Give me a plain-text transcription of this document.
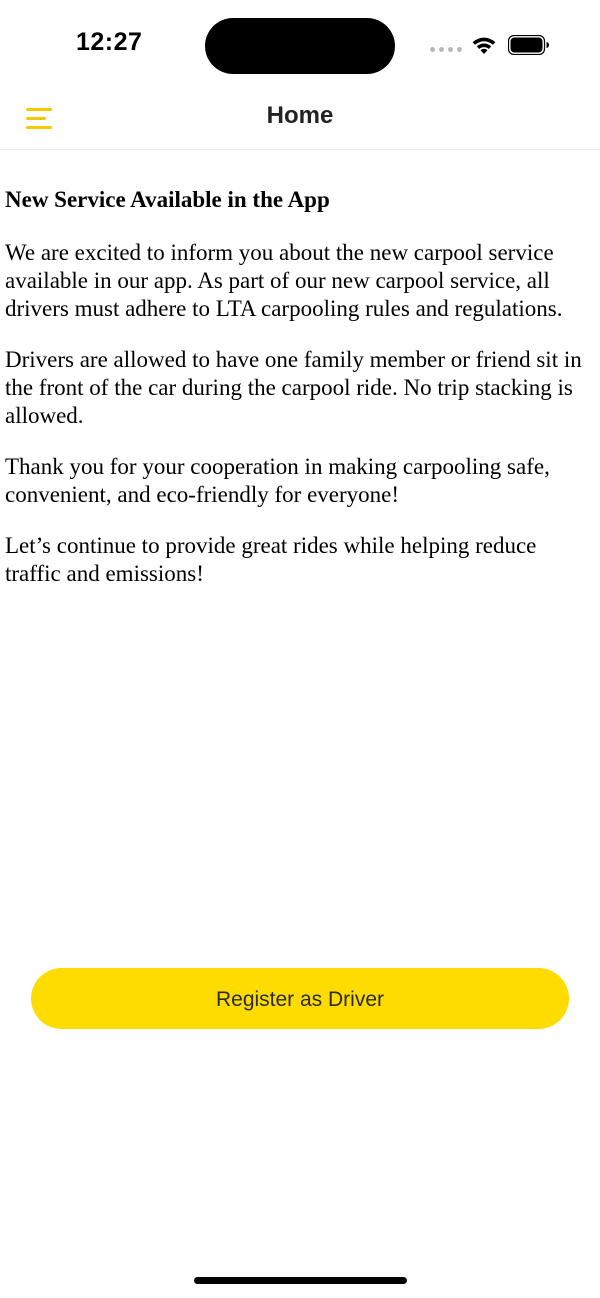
12:27
Home

New Service Available in the App

We are excited to inform you about the new carpool service available in our app. As part of our new carpool service, all drivers must adhere to LTA carpooling rules and regulations.

Drivers are allowed to have one family member or friend sit in the front of the car during the carpool ride. No trip stacking is allowed.

Thank you for your cooperation in making carpooling safe, convenient, and eco-friendly for everyone!

Let’s continue to provide great rides while helping reduce traffic and emissions!

Register as Driver
